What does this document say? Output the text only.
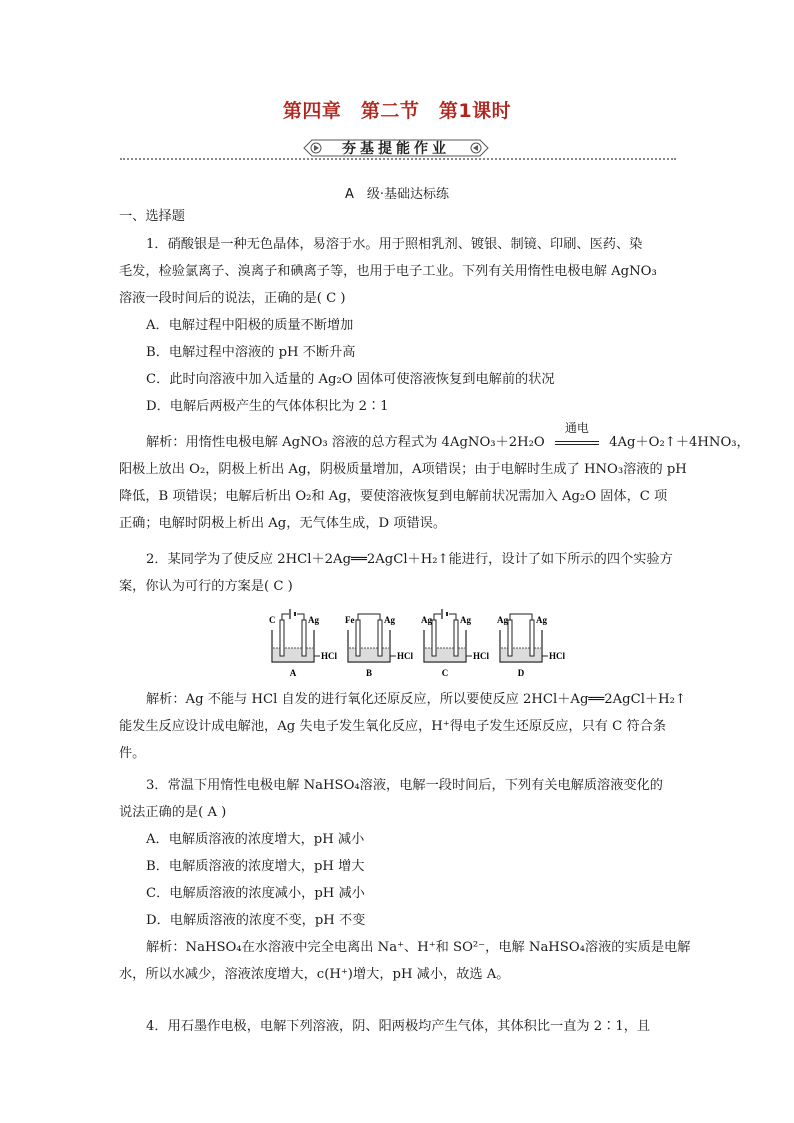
第四章　第二节　第1课时
夯基提能作业
A　级·基础达标练
一、选择题
1．硝酸银是一种无色晶体，易溶于水。用于照相乳剂、镀银、制镜、印刷、医药、染
毛发，检验氯离子、溴离子和碘离子等，也用于电子工业。下列有关用惰性电极电解 AgNO₃
溶液一段时间后的说法，正确的是( C )
A．电解过程中阳极的质量不断增加
B．电解过程中溶液的 pH 不断升高
C．此时向溶液中加入适量的 Ag₂O 固体可使溶液恢复到电解前的状况
D．电解后两极产生的气体体积比为 2∶1
解析：用惰性电极电解 AgNO₃ 溶液的总方程式为 4AgNO₃＋2H₂O
通电
4Ag＋O₂↑＋4HNO₃，
阳极上放出 O₂，阴极上析出 Ag，阴极质量增加，A项错误；由于电解时生成了 HNO₃溶液的 pH
降低，B 项错误；电解后析出 O₂和 Ag，要使溶液恢复到电解前状况需加入 Ag₂O 固体，C 项
正确；电解时阴极上析出 Ag，无气体生成，D 项错误。
2．某同学为了使反应 2HCl＋2Ag══2AgCl＋H₂↑能进行，设计了如下所示的四个实验方
案，你认为可行的方案是( C )
C	Ag
HCl
A
Fe	Ag
HCl
B
Ag	Ag
HCl
C
Ag	Ag
HCl
D
解析：Ag 不能与 HCl 自发的进行氧化还原反应，所以要使反应 2HCl＋Ag══2AgCl＋H₂↑
能发生反应设计成电解池，Ag 失电子发生氧化反应，H⁺得电子发生还原反应，只有 C 符合条
件。
3．常温下用惰性电极电解 NaHSO₄溶液，电解一段时间后，下列有关电解质溶液变化的
说法正确的是( A )
A．电解质溶液的浓度增大，pH 减小
B．电解质溶液的浓度增大，pH 增大
C．电解质溶液的浓度减小，pH 减小
D．电解质溶液的浓度不变，pH 不变
解析：NaHSO₄在水溶液中完全电离出 Na⁺、H⁺和 SO²⁻，电解 NaHSO₄溶液的实质是电解
水，所以水减少，溶液浓度增大，c(H⁺)增大，pH 减小，故选 A。
4．用石墨作电极，电解下列溶液，阴、阳两极均产生气体，其体积比一直为 2∶1，且
